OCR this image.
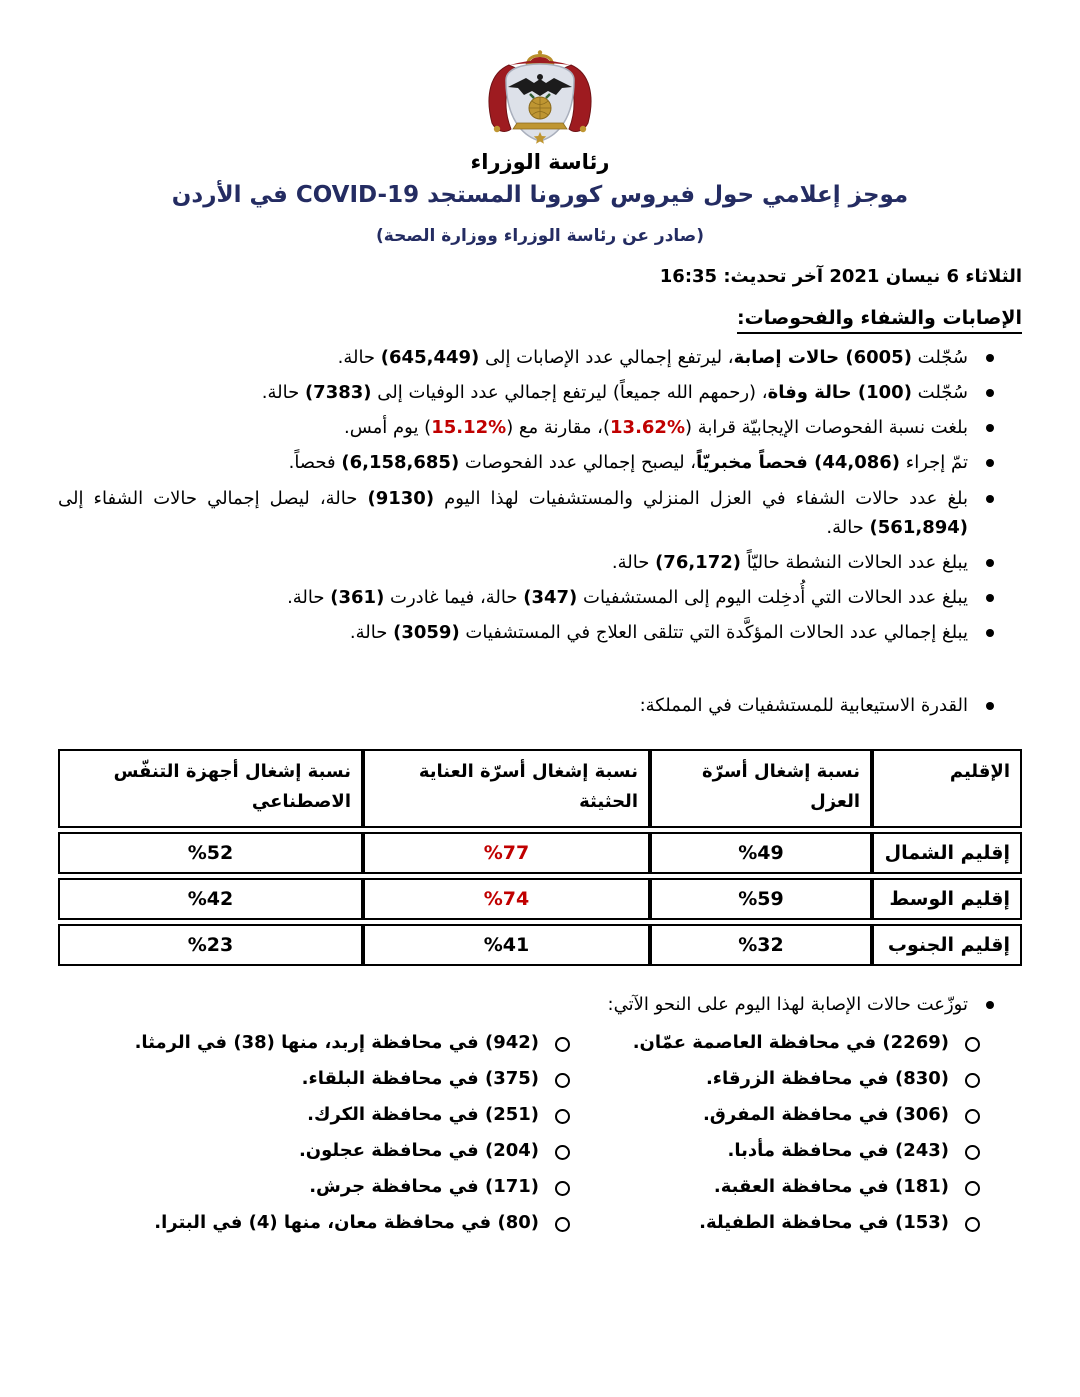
رئاسة الوزراء
موجز إعلامي حول فيروس كورونا المستجد COVID-19 في الأردن
(صادر عن رئاسة الوزراء ووزارة الصحة)
الثلاثاء 6 نيسان 2021 آخر تحديث: 16:35
الإصابات والشفاء والفحوصات:
سُجّلت (6005) حالات إصابة، ليرتفع إجمالي عدد الإصابات إلى (645,449) حالة.
سُجّلت (100) حالة وفاة، (رحمهم الله جميعاً) ليرتفع إجمالي عدد الوفيات إلى (7383) حالة.
بلغت نسبة الفحوصات الإيجابيّة قرابة (%13.62)، مقارنة مع (%15.12) يوم أمس.
تمّ إجراء (44,086) فحصاً مخبريّاً، ليصبح إجمالي عدد الفحوصات (6,158,685) فحصاً.
بلغ عدد حالات الشفاء في العزل المنزلي والمستشفيات لهذا اليوم (9130) حالة، ليصل إجمالي حالات الشفاء إلى (561,894) حالة.
يبلغ عدد الحالات النشطة حاليّاً (76,172) حالة.
يبلغ عدد الحالات التي أُدخِلت اليوم إلى المستشفيات (347) حالة، فيما غادرت (361) حالة.
يبلغ إجمالي عدد الحالات المؤكَّدة التي تتلقى العلاج في المستشفيات (3059) حالة.
القدرة الاستيعابية للمستشفيات في المملكة:
الإقليم	نسبة إشغال أسرّة العزل	نسبة إشغال أسرّة العناية الحثيثة	نسبة إشغال أجهزة التنفّس الاصطناعي
إقليم الشمال	%49	%77	%52
إقليم الوسط	%59	%74	%42
إقليم الجنوب	%32	%41	%23
توزّعت حالات الإصابة لهذا اليوم على النحو الآتي:
(2269) في محافظة العاصمة عمّان.
(830) في محافظة الزرقاء.
(306) في محافظة المفرق.
(243) في محافظة مأدبا.
(181) في محافظة العقبة.
(153) في محافظة الطفيلة.
(942) في محافظة إربد، منها (38) في الرمثا.
(375) في محافظة البلقاء.
(251) في محافظة الكرك.
(204) في محافظة عجلون.
(171) في محافظة جرش.
(80) في محافظة معان، منها (4) في البترا.
